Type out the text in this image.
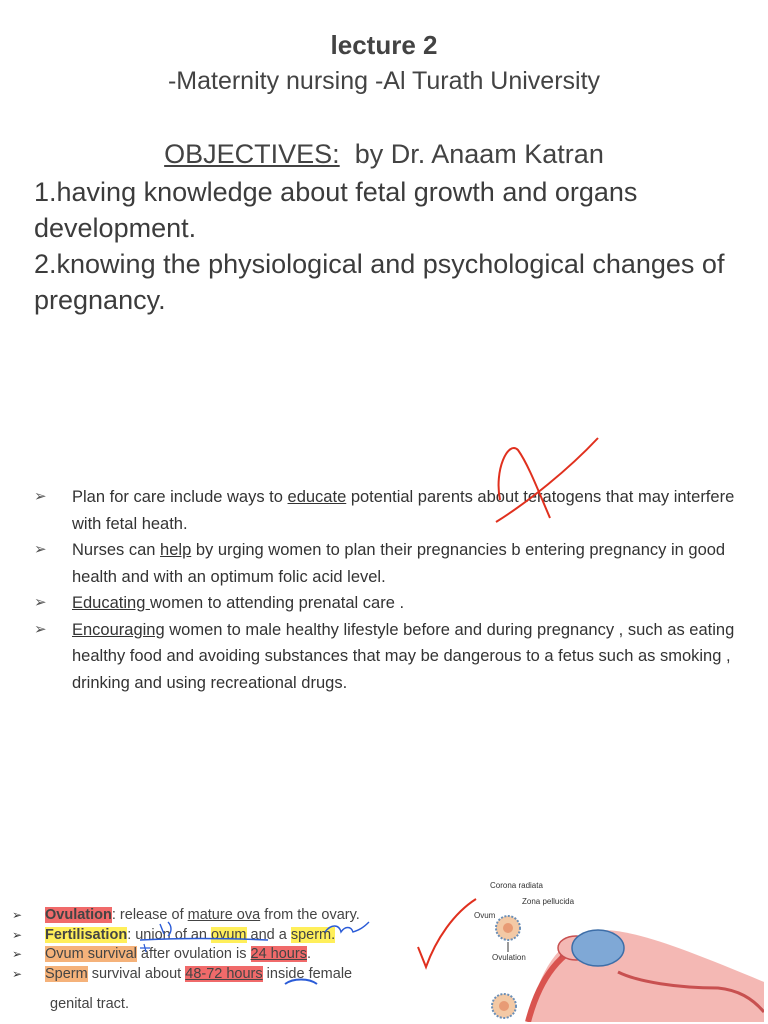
lecture 2
-Maternity nursing -Al Turath University
OBJECTIVES: by Dr. Anaam Katran
1.having knowledge about fetal growth and organs development.
2.knowing the physiological and psychological changes of pregnancy.
➢ Plan for care include ways to educate potential parents about teratogens that may interfere with fetal heath.
➢ Nurses can help by urging women to plan their pregnancies b entering pregnancy in good health and with an optimum folic acid level.
➢ Educating women to attending prenatal care .
➢ Encouraging women to male healthy lifestyle before and during pregnancy , such as eating healthy food and avoiding substances that may be dangerous to a fetus such as smoking , drinking and using recreational drugs.
➢ Ovulation: release of mature ova from the ovary.
➢ Fertilisation: union of an ovum and a sperm.
➢ Ovum survival after ovulation is 24 hours.
➢ Sperm survival about 48-72 hours inside female
genital tract.
Corona radiata
Zona pellucida
Ovum
Ovulation
